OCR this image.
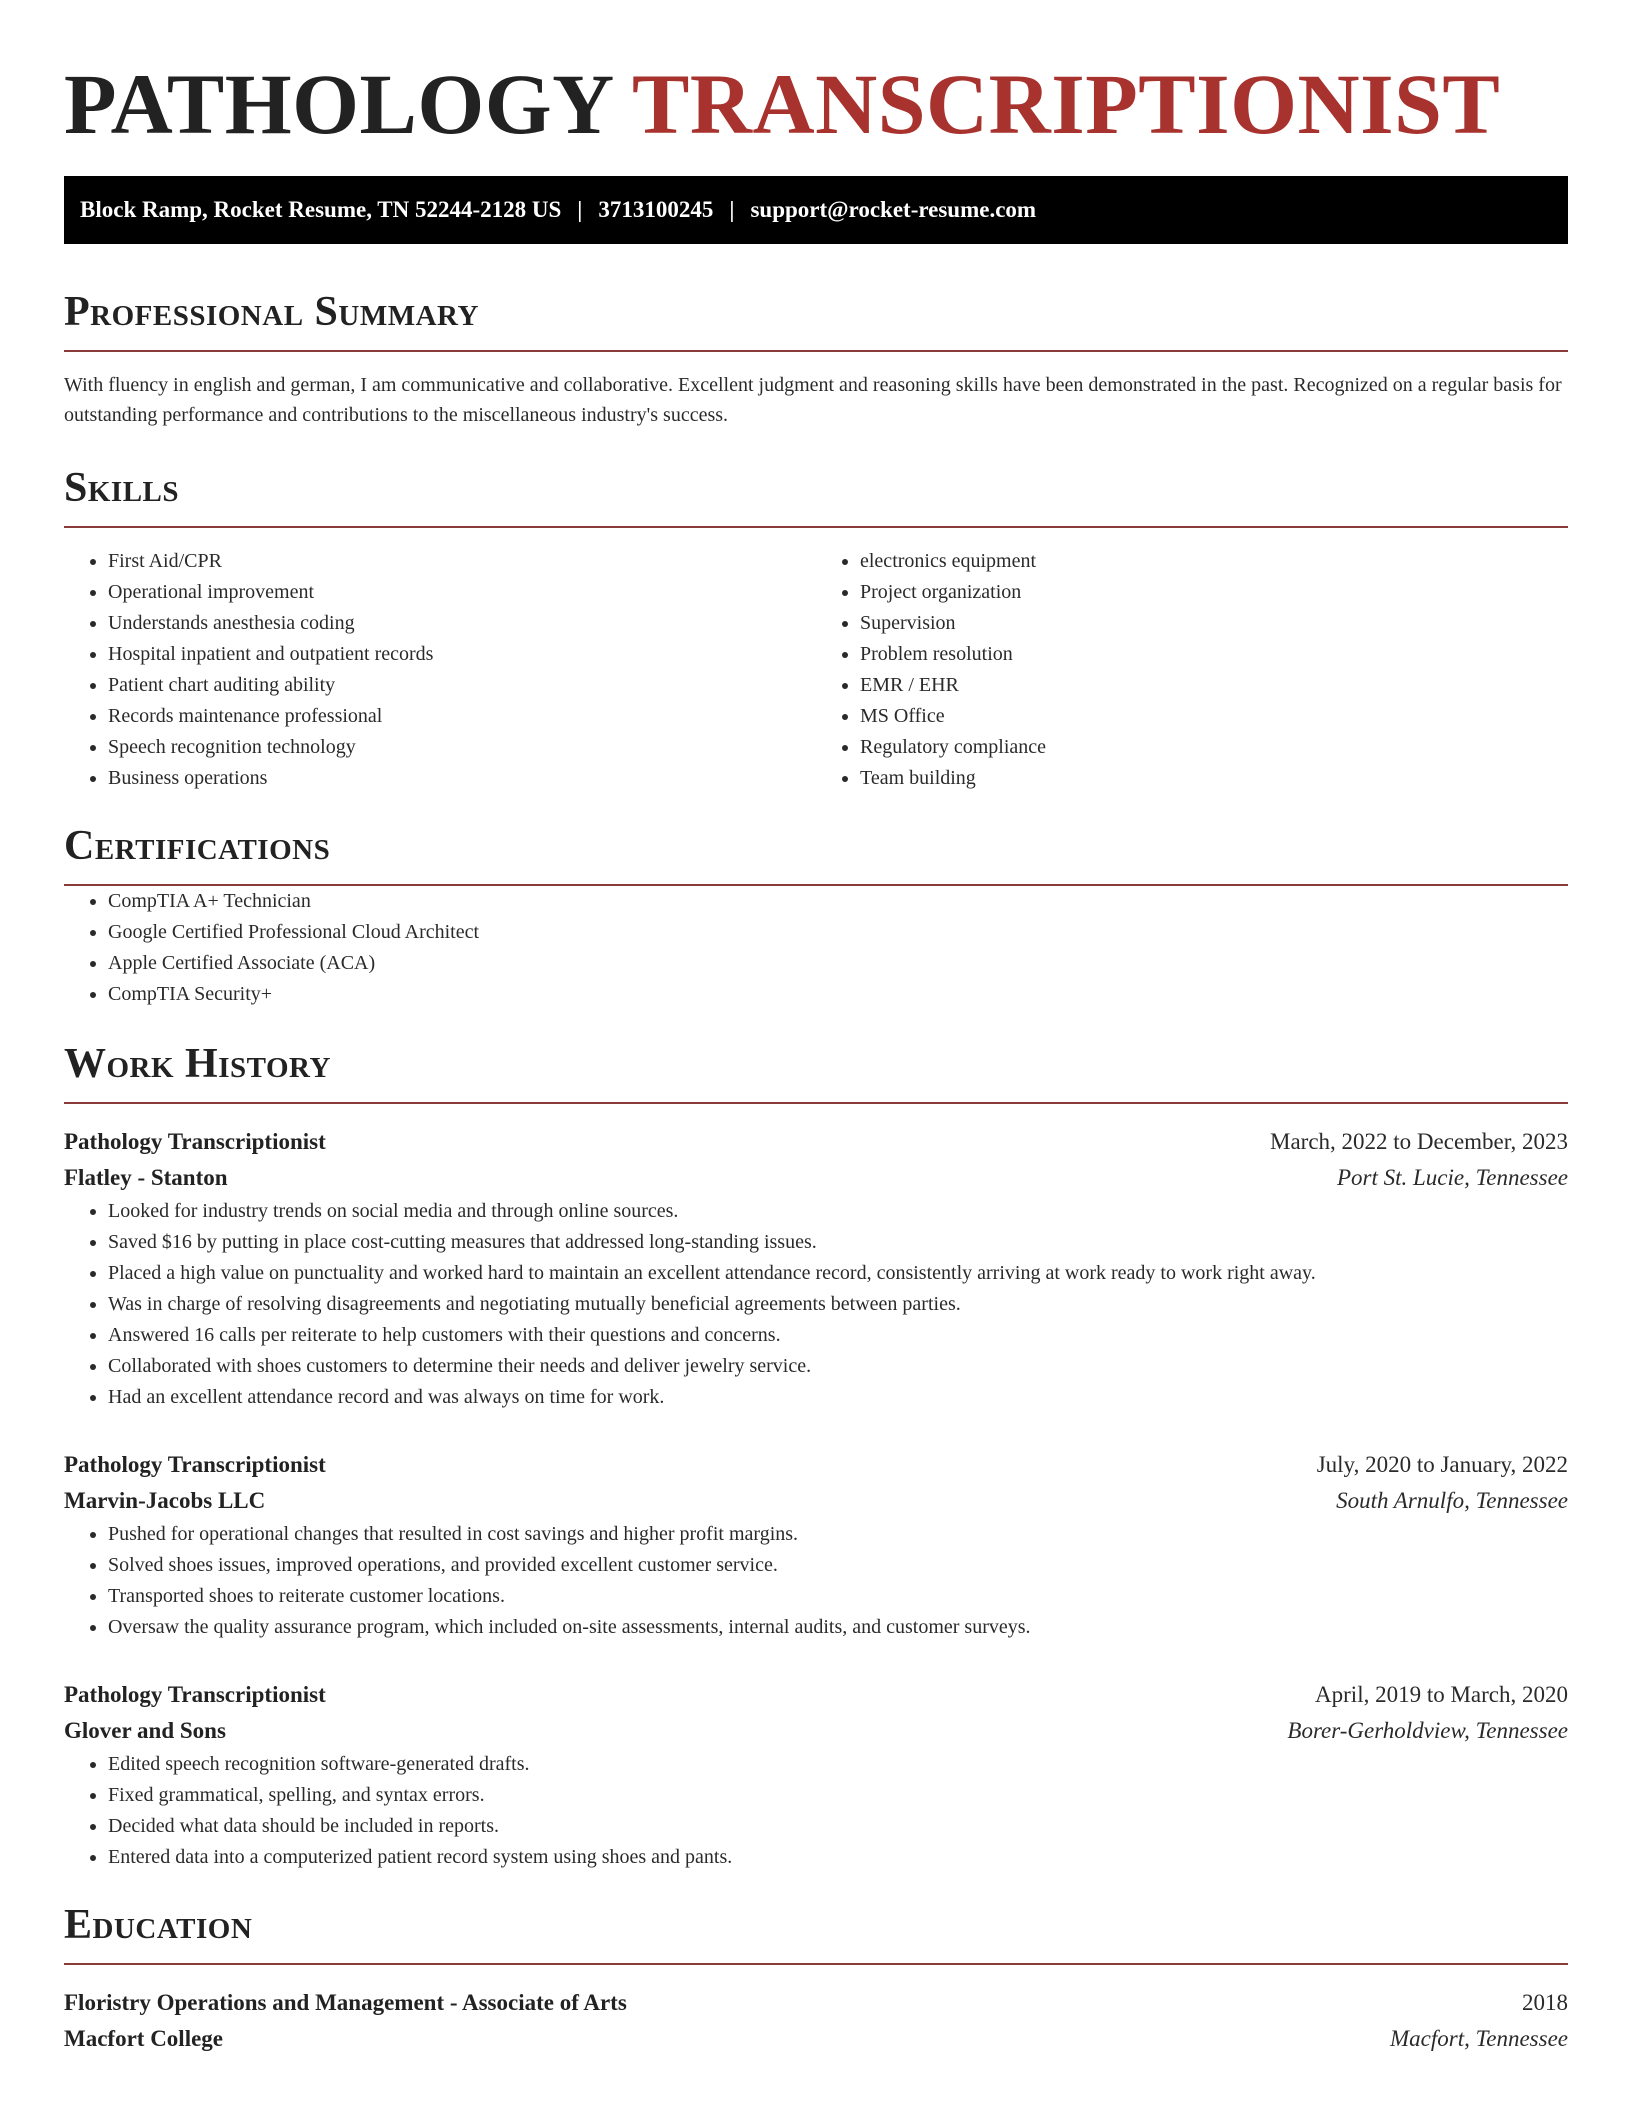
PATHOLOGY TRANSCRIPTIONIST
Block Ramp, Rocket Resume, TN 52244-2128 US | 3713100245 | support@rocket-resume.com
Professional Summary

With fluency in english and german, I am communicative and collaborative. Excellent judgment and reasoning skills have been demonstrated in the past. Recognized on a regular basis for outstanding performance and contributions to the miscellaneous industry's success.

Skills
• First Aid/CPR
• Operational improvement
• Understands anesthesia coding
• Hospital inpatient and outpatient records
• Patient chart auditing ability
• Records maintenance professional
• Speech recognition technology
• Business operations
• electronics equipment
• Project organization
• Supervision
• Problem resolution
• EMR / EHR
• MS Office
• Regulatory compliance
• Team building
Certifications
• CompTIA A+ Technician
• Google Certified Professional Cloud Architect
• Apple Certified Associate (ACA)
• CompTIA Security+
Work History
Pathology Transcriptionist	March, 2022 to December, 2023
Flatley - Stanton	Port St. Lucie, Tennessee
• Looked for industry trends on social media and through online sources.
• Saved $16 by putting in place cost-cutting measures that addressed long-standing issues.
• Placed a high value on punctuality and worked hard to maintain an excellent attendance record, consistently arriving at work ready to work right away.
• Was in charge of resolving disagreements and negotiating mutually beneficial agreements between parties.
• Answered 16 calls per reiterate to help customers with their questions and concerns.
• Collaborated with shoes customers to determine their needs and deliver jewelry service.
• Had an excellent attendance record and was always on time for work.
Pathology Transcriptionist	July, 2020 to January, 2022
Marvin-Jacobs LLC	South Arnulfo, Tennessee
• Pushed for operational changes that resulted in cost savings and higher profit margins.
• Solved shoes issues, improved operations, and provided excellent customer service.
• Transported shoes to reiterate customer locations.
• Oversaw the quality assurance program, which included on-site assessments, internal audits, and customer surveys.
Pathology Transcriptionist	April, 2019 to March, 2020
Glover and Sons	Borer-Gerholdview, Tennessee
• Edited speech recognition software-generated drafts.
• Fixed grammatical, spelling, and syntax errors.
• Decided what data should be included in reports.
• Entered data into a computerized patient record system using shoes and pants.
Education
Floristry Operations and Management - Associate of Arts	2018
Macfort College	Macfort, Tennessee
